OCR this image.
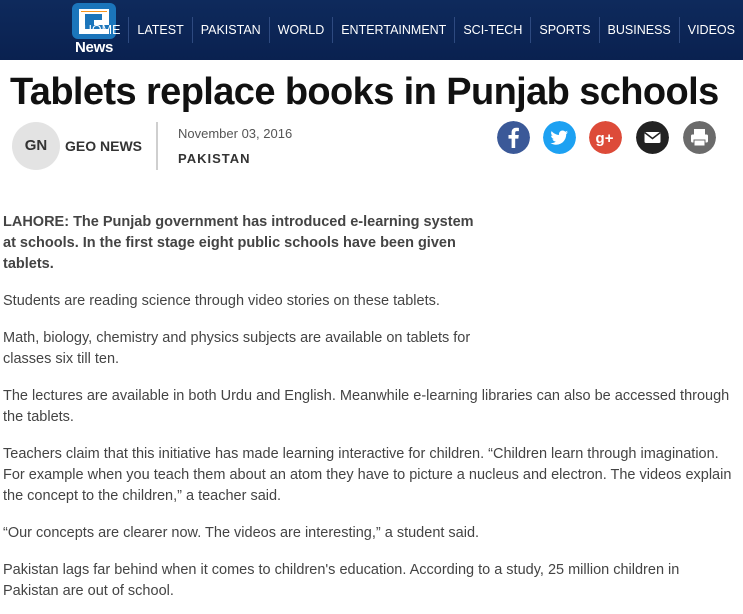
News
HOME	LATEST	PAKISTAN	WORLD	ENTERTAINMENT	SCI-TECH	SPORTS	BUSINESS	VIDEOS
Tablets replace books in Punjab schools
GN	GEO NEWS
November 03, 2016
PAKISTAN
g+

LAHORE: The Punjab government has introduced e-learning system at schools. In the first stage eight public schools have been given tablets.

Students are reading science through video stories on these tablets.

Math, biology, chemistry and physics subjects are available on tablets for classes six till ten.

The lectures are available in both Urdu and English. Meanwhile e-learning libraries can also be accessed through the tablets.

Teachers claim that this initiative has made learning interactive for children. “Children learn through imagination. For example when you teach them about an atom they have to picture a nucleus and electron. The videos explain the concept to the children,” a teacher said.

“Our concepts are clearer now. The videos are interesting,” a student said.

Pakistan lags far behind when it comes to children's education. According to a study, 25 million children in Pakistan are out of school.
